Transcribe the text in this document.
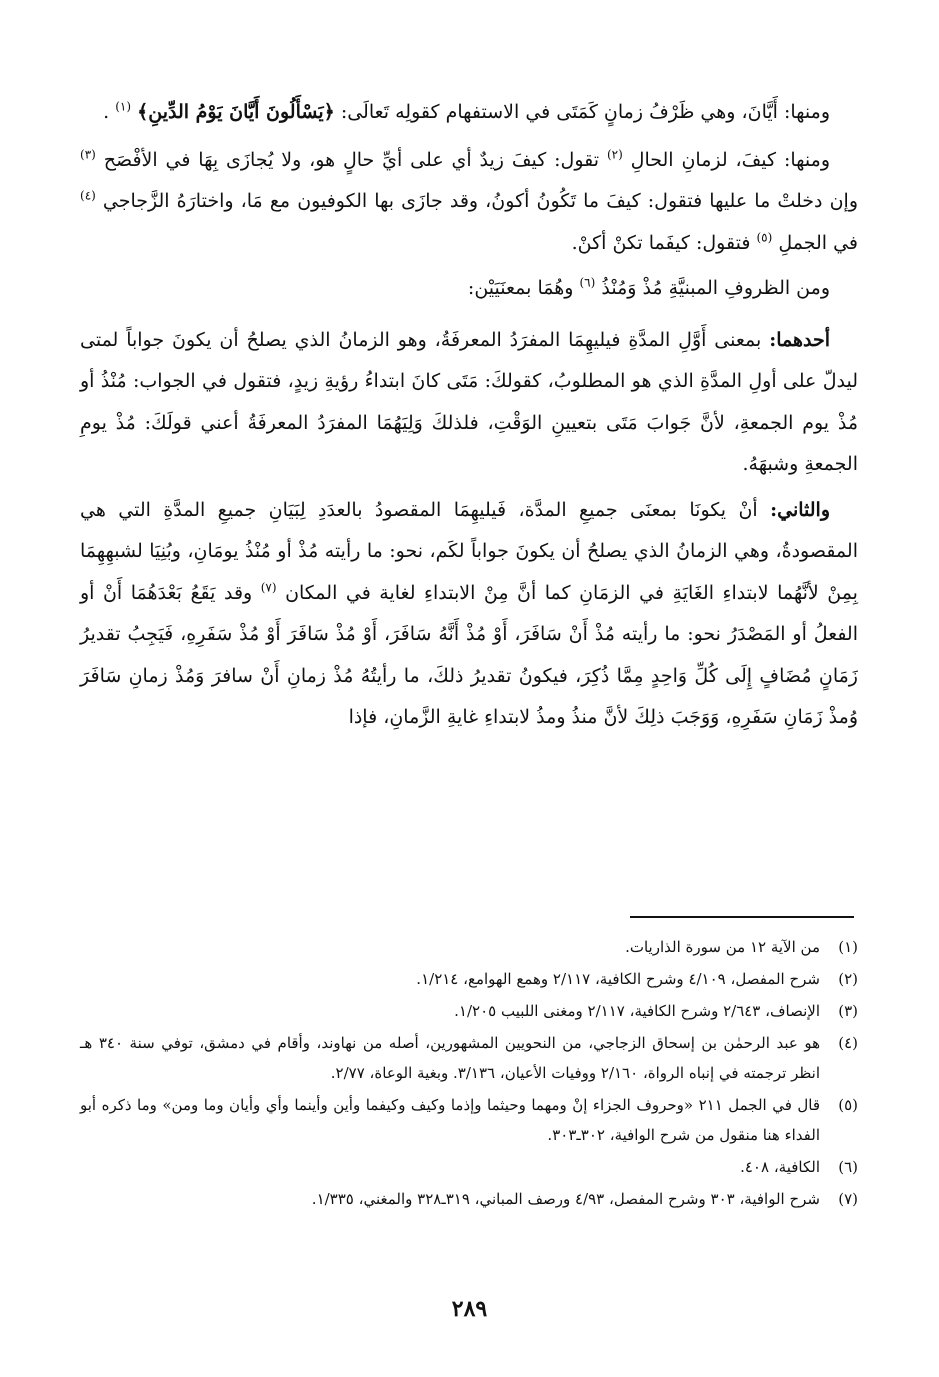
ومنها: أَيَّانَ، وهي ظَرْفُ زمانٍ كَمَتَى في الاستفهام كقولِه تَعالَى: ﴿يَسْأَلُونَ أَيَّانَ يَوْمُ الدِّينِ﴾ $^{(١)}$ .

ومنها: كيفَ، لزمانِ الحالِ $^{(٢)}$ تقول: كيفَ زيدٌ أي على أيِّ حالٍ هو، ولا يُجازَى بِهَا في الأفْصَح $^{(٣)}$ وإن دخلتْ ما عليها فتقول: كيفَ ما تَكُونُ أكونُ، وقد جازَى بها الكوفيون مع مَا، واختارَهُ الزَّجاجي $^{(٤)}$ في الجملِ $^{(٥)}$ فتقول: كيفَما تكنْ أكنْ.

ومن الظروفِ المبنيَّةِ مُذْ وَمُنْذُ $^{(٦)}$ وهُمَا بمعنَيَيْن:

أحدهما: بمعنى أَوَّلِ المدَّةِ فيليهِمَا المفرَدُ المعرفَةُ، وهو الزمانُ الذي يصلحُ أن يكونَ جواباً لمتى ليدلّ على أولِ المدَّةِ الذي هو المطلوبُ، كقولكَ: مَتَى كانَ ابتداءُ رؤيةِ زيدٍ، فتقول في الجواب: مُنْذُ أو مُذْ يوم الجمعةِ، لأنَّ جَوابَ مَتَى بتعيينِ الوَقْتِ، فلذلكَ وَلِيَهُمَا المفرَدُ المعرفَةُ أعني قولَكَ: مُذْ يومِ الجمعةِ وشبهَهُ.

والثاني: أنْ يكونَا بمعنَى جميعِ المدَّة، فَيليهِمَا المقصودُ بالعدَدِ لِبَيَانِ جميعِ المدَّةِ التي هي المقصودةُ، وهي الزمانُ الذي يصلحُ أن يكونَ جواباً لكَم، نحو: ما رأيته مُذْ أو مُنْذُ يومَانِ، وبُنِيَا لشبهِهِمَا بِمِنْ لأنَّهُما لابتداءِ الغَايَةِ في الزمَانِ كما أنَّ مِنْ الابتداءِ لغاية في المكان $^{(٧)}$ وقد يَقَعُ بَعْدَهُمَا أَنْ أو الفعلُ أو المَصْدَرُ نحو: ما رأيته مُذْ أَنْ سَافَرَ، أَوْ مُذْ أَنَّهُ سَافَرَ، أَوْ مُذْ سَافَرَ أَوْ مُذْ سَفَرِهِ، فَيَجِبُ تقديرُ زَمَانٍ مُضَافٍ إِلَى كُلِّ وَاحِدٍ مِمَّا ذُكِرَ، فيكونُ تقديرُ ذلكَ، ما رأيتُهُ مُذْ زمانِ أَنْ سافرَ وَمُذْ زمانِ سَافَرَ وُمذْ زَمَانِ سَفَرِهِ، وَوَجَبَ ذلِكَ لأنَّ منذُ ومذُ لابتداءِ غايةِ الزَّمانِ، فإذا

(١)
من الآية ١٢ من سورة الذاريات.
(٢)
شرح المفصل، ٤/١٠٩ وشرح الكافية، ٢/١١٧ وهمع الهوامع، ١/٢١٤.
(٣)
الإنصاف، ٢/٦٤٣ وشرح الكافية، ٢/١١٧ ومغنى اللبيب ١/٢٠٥.
(٤)
هو عبد الرحمٰن بن إسحاق الزجاجي، من النحويين المشهورين، أصله من نهاوند، وأقام في دمشق، توفي سنة ٣٤٠ هـ انظر ترجمته في إنباه الرواة، ٢/١٦٠ ووفيات الأعيان، ٣/١٣٦. وبغية الوعاة، ٢/٧٧.
(٥)
قال في الجمل ٢١١ «وحروف الجزاء إنْ ومهما وحيثما وإذما وكيف وكيفما وأين وأينما وأي وأيان وما ومن» وما ذكره أبو الفداء هنا منقول من شرح الوافية، ٣٠٢ـ٣٠٣.
(٦)
الكافية، ٤٠٨.
(٧)
شرح الوافية، ٣٠٣ وشرح المفصل، ٤/٩٣ ورصف المباني، ٣١٩ـ٣٢٨ والمغني، ١/٣٣٥.
٢٨٩
